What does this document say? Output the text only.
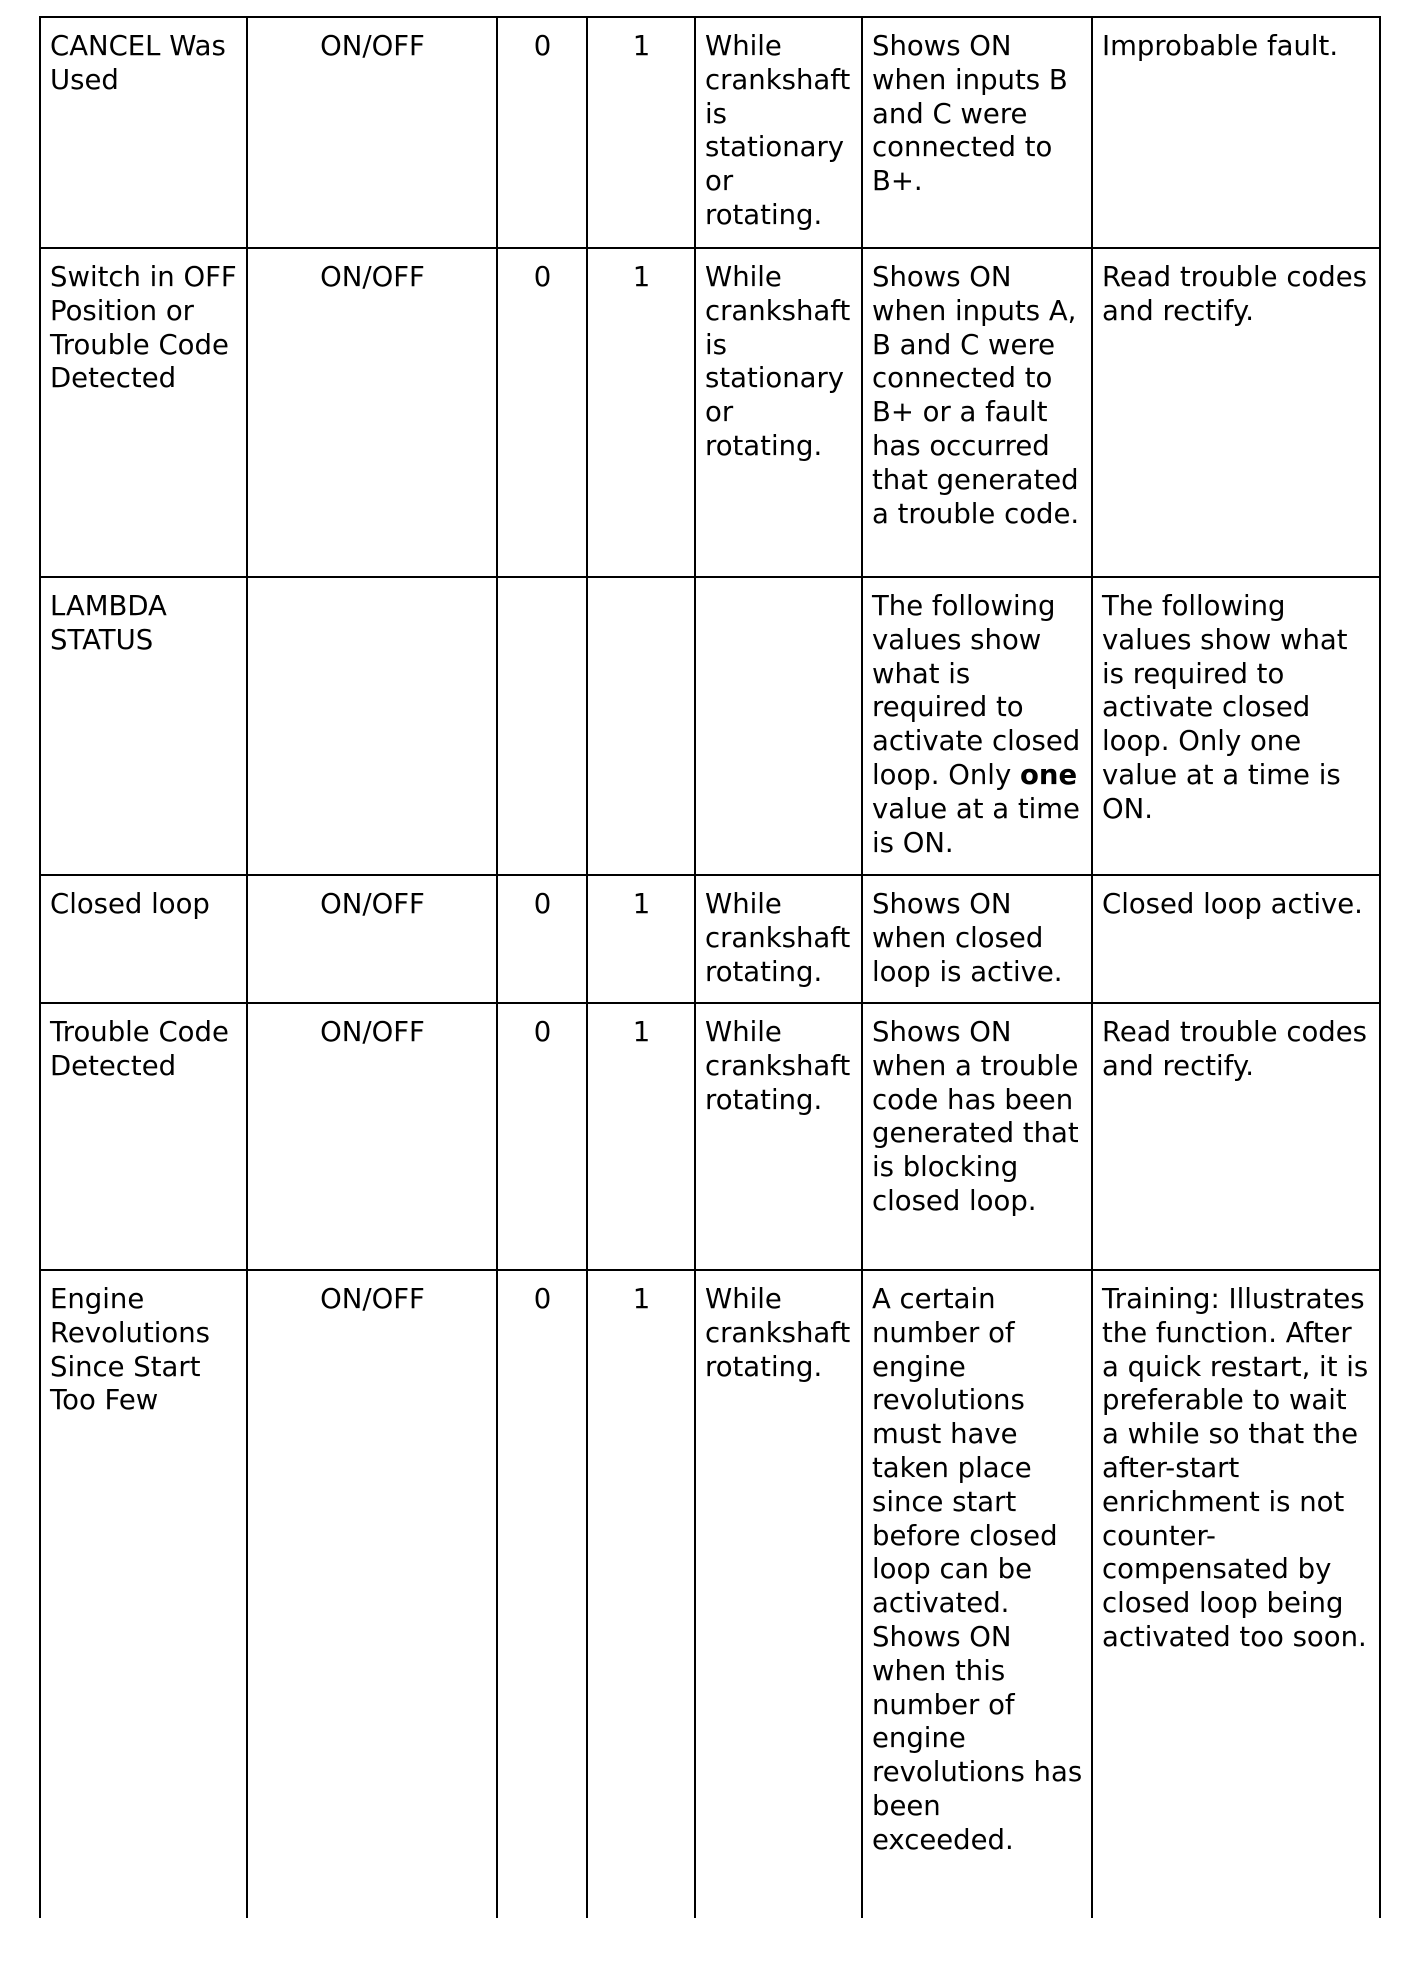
CANCEL Was Used	ON/OFF	0	1	While crankshaft is stationary or rotating.	Shows ON when inputs B and C were connected to B+.	Improbable fault.
Switch in OFF Position or Trouble Code Detected	ON/OFF	0	1	While crankshaft is stationary or rotating.	Shows ON when inputs A, B and C were connected to B+ or a fault has occurred that generated a trouble code.	Read trouble codes and rectify.
LAMBDA STATUS					The following values show what is required to activate closed loop. Only one value at a time is ON.	The following values show what is required to activate closed loop. Only one value at a time is ON.
Closed loop	ON/OFF	0	1	While crankshaft rotating.	Shows ON when closed loop is active.	Closed loop active.
Trouble Code Detected	ON/OFF	0	1	While crankshaft rotating.	Shows ON when a trouble code has been generated that is blocking closed loop.	Read trouble codes and rectify.
Engine Revolutions Since Start Too Few	ON/OFF	0	1	While crankshaft rotating.	A certain number of engine revolutions must have taken place since start before closed loop can be activated. Shows ON when this number of engine revolutions has been exceeded.	Training: Illustrates the function. After a quick restart, it is preferable to wait a while so that the after-start enrichment is not counter-compensated by closed loop being activated too soon.
